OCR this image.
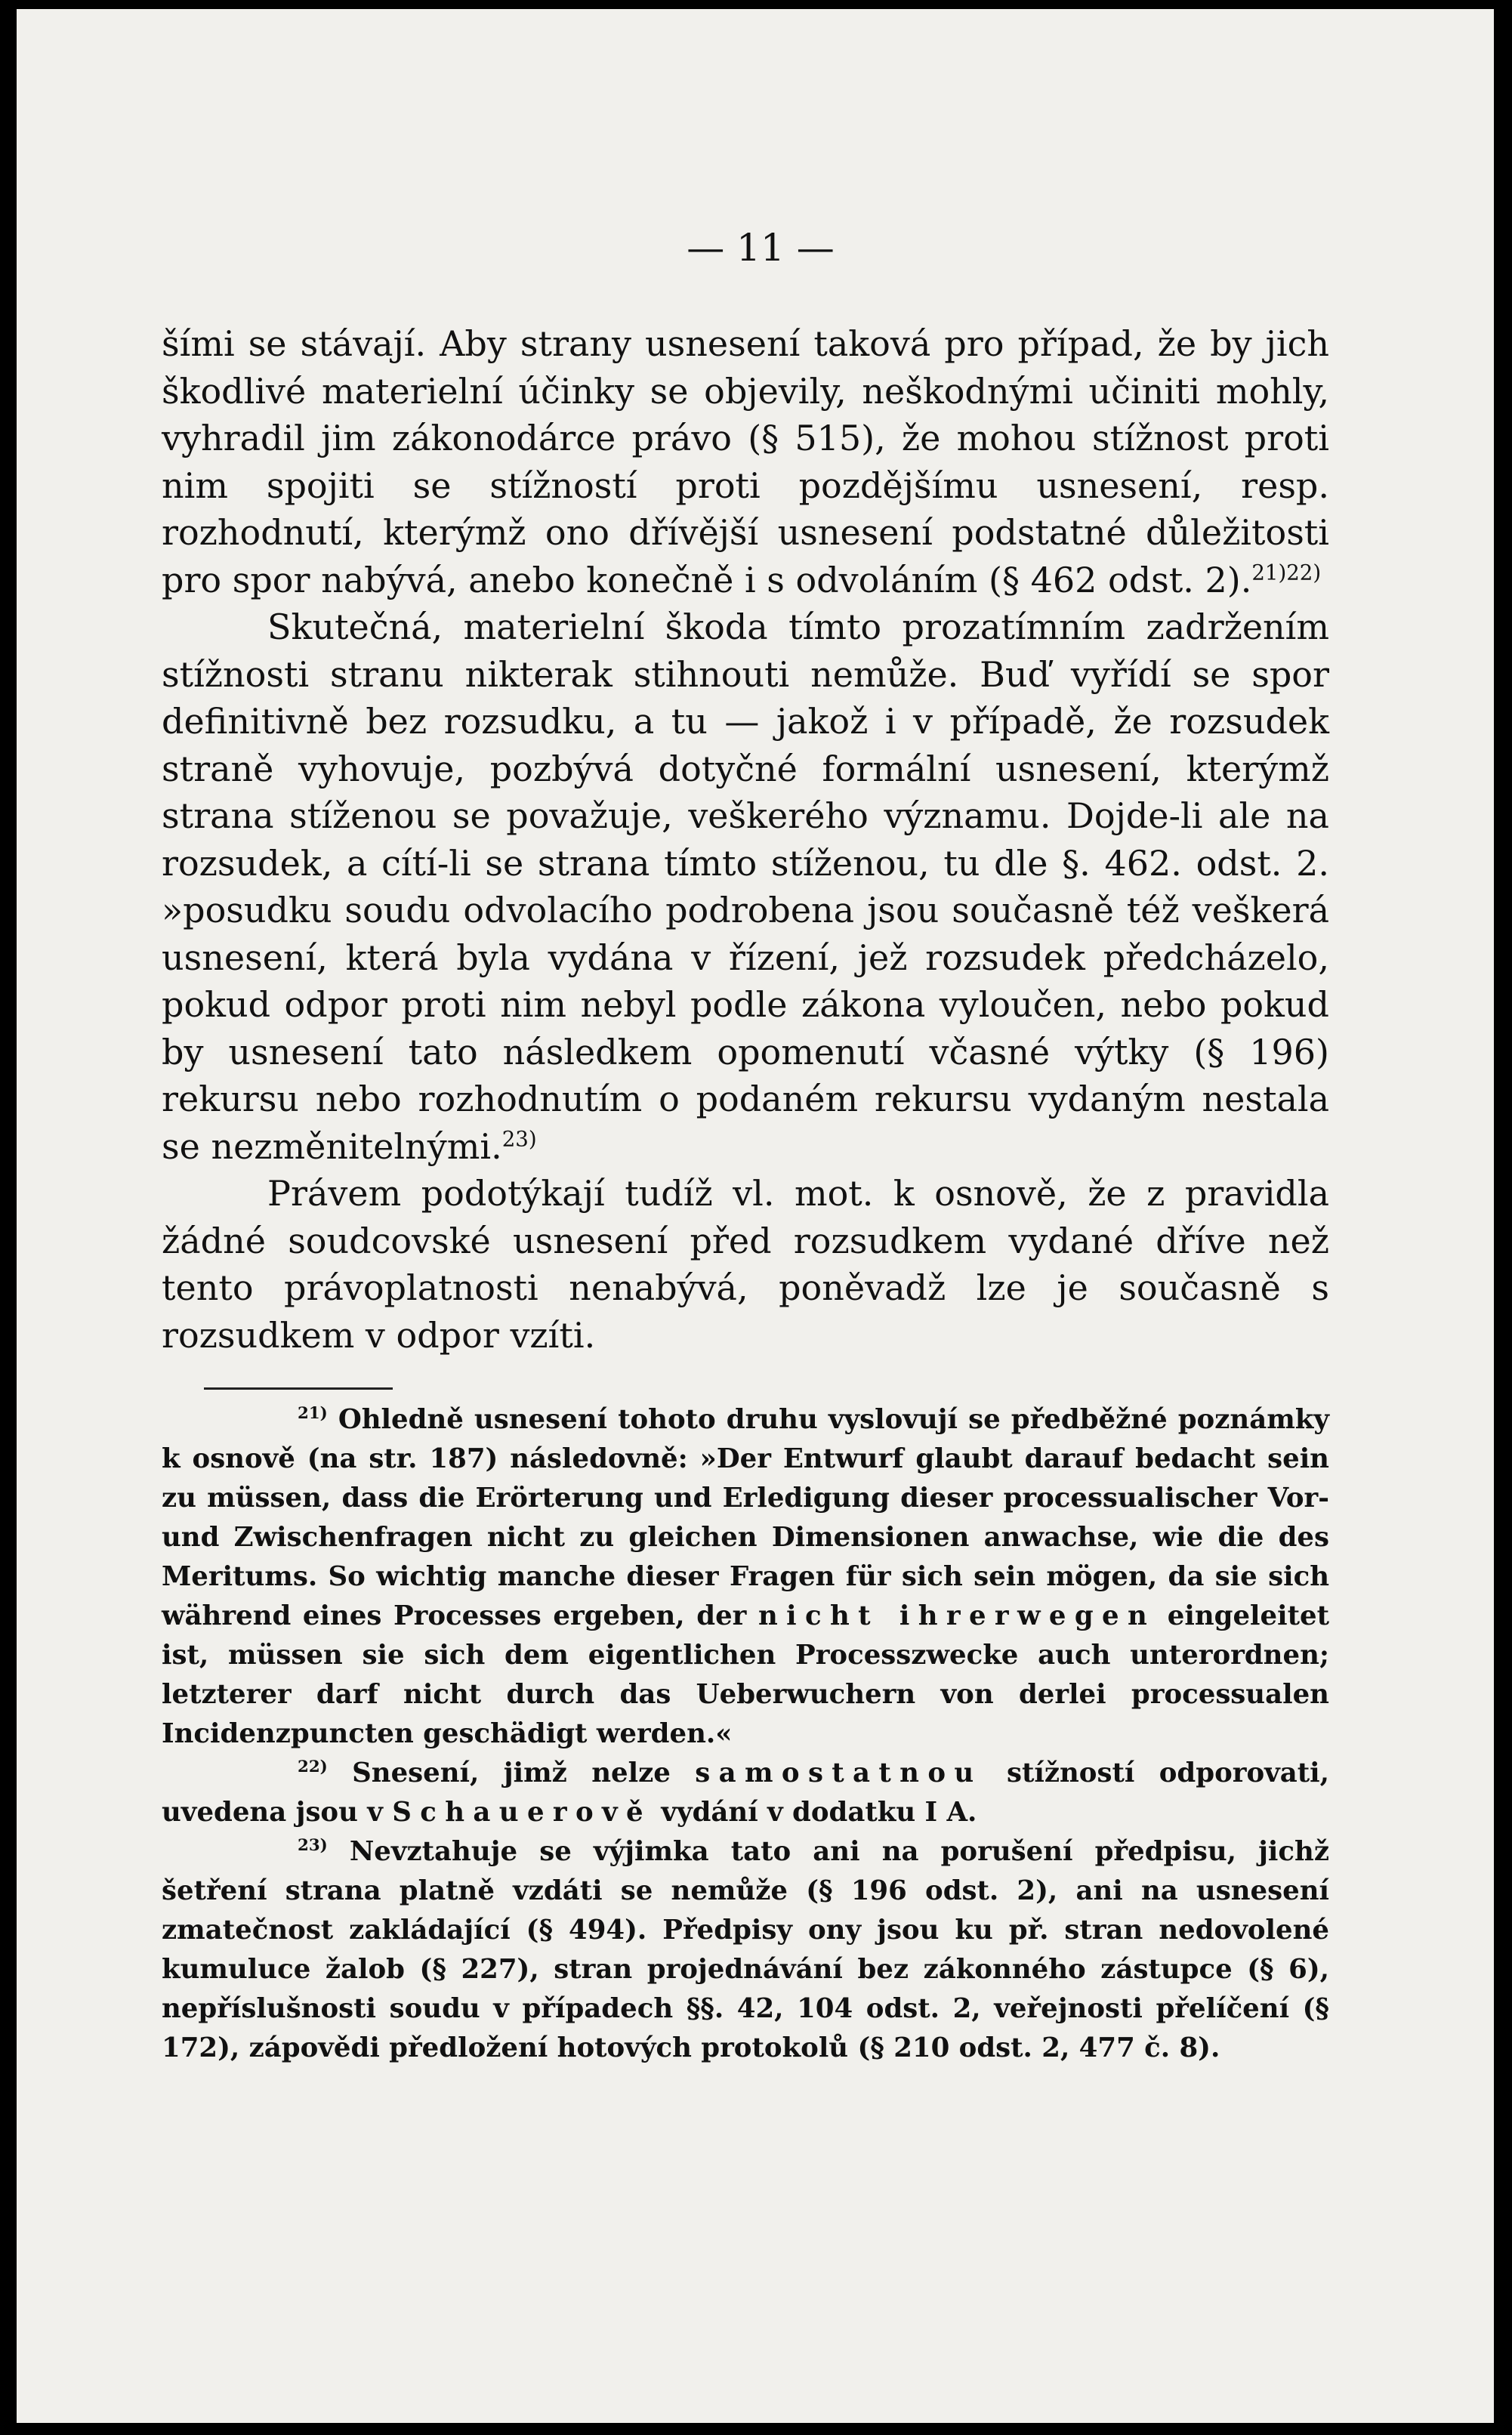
— 11 —

šími se stávají. Aby strany usnesení taková pro případ, že by jich škodlivé materielní účinky se objevily, neškodnými učiniti mohly, vyhradil jim zákonodárce právo (§ 515), že mohou stížnost proti nim spojiti se stížností proti pozdějšímu usnesení, resp. rozhodnutí, kterýmž ono dřívější usnesení podstatné důležitosti pro spor nabývá, anebo konečně i s odvoláním (§ 462 odst. 2).$^{21)22)}$

Skutečná, materielní škoda tímto prozatímním zadržením stížnosti stranu nikterak stihnouti nemůže. Buď vyřídí se spor definitivně bez rozsudku, a tu — jakož i v případě, že rozsudek straně vyhovuje, pozbývá dotyčné formální usnesení, kterýmž strana stíženou se považuje, veškerého významu. Dojde-li ale na rozsudek, a cítí-li se strana tímto stíženou, tu dle §. 462. odst. 2. »posudku soudu odvolacího podrobena jsou současně též veškerá usnesení, která byla vydána v řízení, jež rozsudek předcházelo, pokud odpor proti nim nebyl podle zákona vyloučen, nebo pokud by usnesení tato následkem opomenutí včasné výtky (§ 196) rekursu nebo rozhodnutím o podaném rekursu vydaným nestala se nezměnitelnými.$^{23)}$

Právem podotýkají tudíž vl. mot. k osnově, že z pravidla žádné soudcovské usnesení před rozsudkem vydané dříve než tento právoplatnosti nenabývá, poněvadž lze je současně s rozsudkem v odpor vzíti.

$^{21)}$ Ohledně usnesení tohoto druhu vyslovují se předběžné poznámky k osnově (na str. 187) následovně: »Der Entwurf glaubt darauf bedacht sein zu müssen, dass die Erörterung und Erledigung dieser processualischer Vor- und Zwischenfragen nicht zu gleichen Dimensionen anwachse, wie die des Meritums. So wichtig manche dieser Fragen für sich sein mögen, da sie sich während eines Processes ergeben, der nicht ihrerwegen eingeleitet ist, müssen sie sich dem eigentlichen Processzwecke auch unterordnen; letzterer darf nicht durch das Ueberwuchern von derlei processualen Incidenzpuncten geschädigt werden.«

$^{22)}$ Snesení, jimž nelze samostatnou stížností odporovati, uvedena jsou v Schauerově vydání v dodatku I A.

$^{23)}$ Nevztahuje se výjimka tato ani na porušení předpisu, jichž šetření strana platně vzdáti se nemůže (§ 196 odst. 2), ani na usnesení zmatečnost zakládající (§ 494). Předpisy ony jsou ku př. stran nedovolené kumuluce žalob (§ 227), stran projednávání bez zákonného zástupce (§ 6), nepříslušnosti soudu v případech §§. 42, 104 odst. 2, veřejnosti přelíčení (§ 172), zápovědi předložení hotových protokolů (§ 210 odst. 2, 477 č. 8).
